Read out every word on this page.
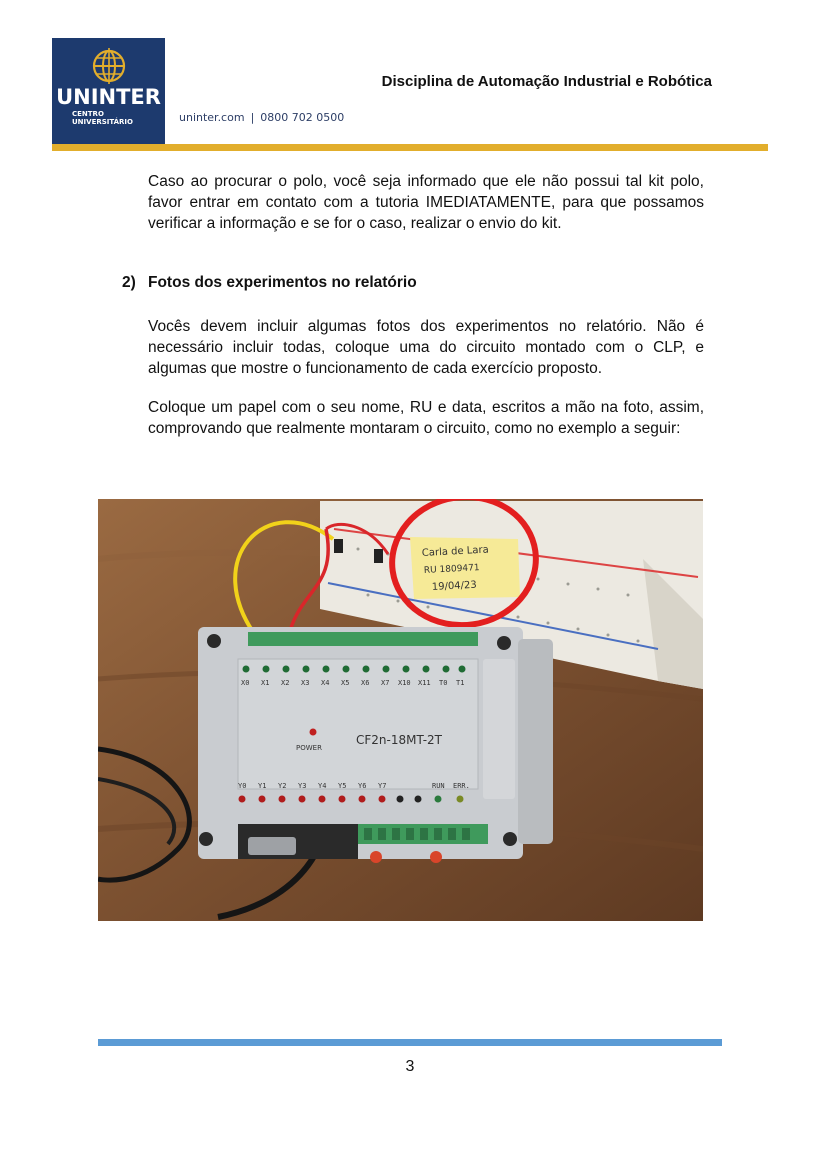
UNINTER
CENTRO
UNIVERSITÁRIO	uninter.com | 0800 702 0500
Disciplina de Automação Industrial e Robótica

Caso ao procurar o polo, você seja informado que ele não possui tal kit polo, favor entrar em contato com a tutoria IMEDIATAMENTE, para que possamos verificar a informação e se for o caso, realizar o envio do kit.

2) Fotos dos experimentos no relatório

Vocês devem incluir algumas fotos dos experimentos no relatório. Não é necessário incluir todas, coloque uma do circuito montado com o CLP, e algumas que mostre o funcionamento de cada exercício proposto.

Coloque um papel com o seu nome, RU e data, escritos a mão na foto, assim, comprovando que realmente montaram o circuito, como no exemplo a seguir:

Carla de Lara
RU 1809471
19/04/23
X0 X1 X2 X3 X4 X5 X6 X7 X10 X11 T0 T1
POWER
CF2n-18MT-2T
Y0 Y1 Y2 Y3 Y4 Y5 Y6 Y7	RUN ERR.
3
